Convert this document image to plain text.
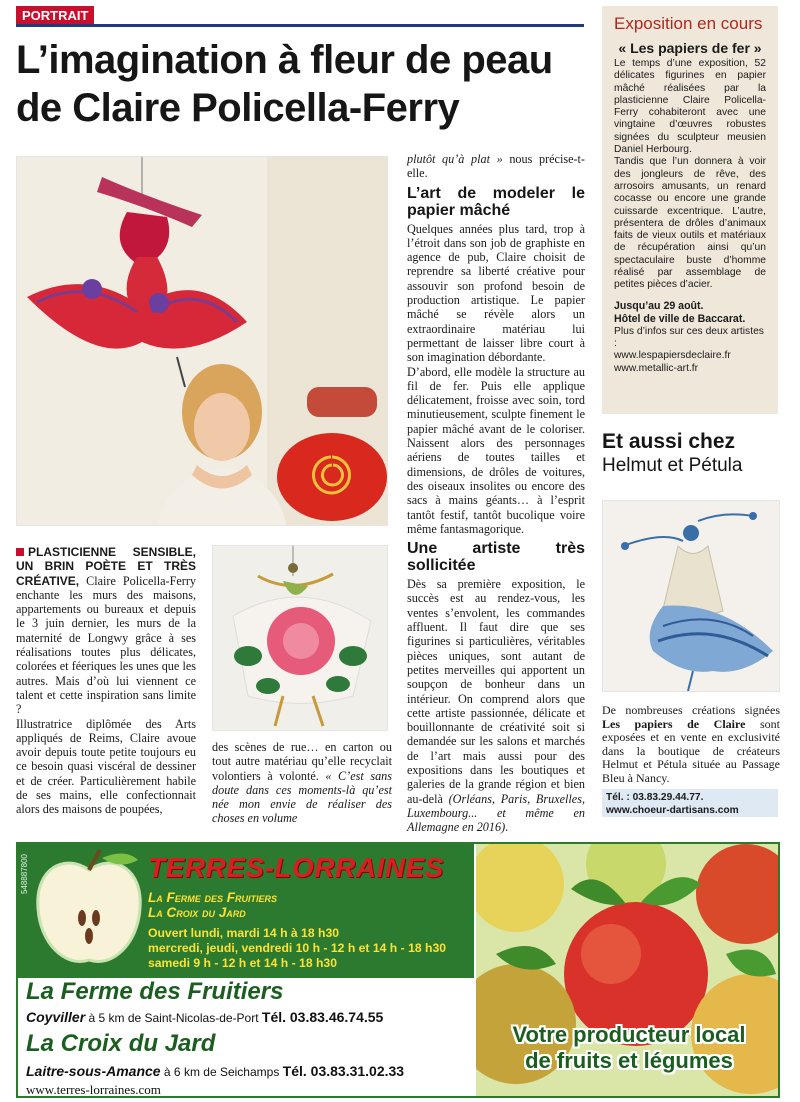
PORTRAIT
L’imagination à fleur de peau de Claire Policella-Ferry
Exposition en cours
« Les papiers de fer »

Le temps d’une exposition, 52 délicates figurines en papier mâché réalisées par la plasticienne Claire Policella-Ferry cohabiteront avec une vingtaine d’œuvres robustes signées du sculpteur meusien Daniel Herbourg.

Tandis que l’un donnera à voir des jongleurs de rêve, des arrosoirs amusants, un renard cocasse ou encore une grande cuissarde excentrique. L’autre, présentera de drôles d’animaux faits de vieux outils et matériaux de récupération ainsi qu’un spectaculaire buste d’homme réalisé par assemblage de petites pièces d’acier.

Jusqu’au 29 août.
Hôtel de ville de Baccarat.
Plus d’infos sur ces deux artistes :
www.lespapiersdeclaire.fr
www.metallic-art.fr

plutôt qu’à plat » nous précise-t-elle.

L’art de modeler le papier mâché

Quelques années plus tard, trop à l’étroit dans son job de graphiste en agence de pub, Claire choisit de reprendre sa liberté créative pour assouvir son profond besoin de production artistique. Le papier mâché se révèle alors un extraordinaire matériau lui permettant de laisser libre court à son imagination débordante.

D’abord, elle modèle la structure au fil de fer. Puis elle applique délicatement, froisse avec soin, tord minutieusement, sculpte finement le papier mâché avant de le coloriser. Naissent alors des personnages aériens de toutes tailles et dimensions, de drôles de voitures, des oiseaux insolites ou encore des sacs à mains géants… à l’esprit tantôt festif, tantôt bucolique voire même fantasmagorique.

Une artiste très sollicitée

Dès sa première exposition, le succès est au rendez-vous, les ventes s’envolent, les commandes affluent. Il faut dire que ses figurines si particulières, véritables pièces uniques, sont autant de petites merveilles qui apportent un soupçon de bonheur dans un intérieur. On comprend alors que cette artiste passionnée, délicate et bouillonnante de créativité soit si demandée sur les salons et marchés de l’art mais aussi pour des expositions dans les boutiques et galeries de la grande région et bien au-delà (Orléans, Paris, Bruxelles, Luxembourg... et même en Allemagne en 2016).

PLASTICIENNE SENSIBLE, UN BRIN POÈTE ET TRÈS CRÉATIVE, Claire Policella-Ferry enchante les murs des maisons, appartements ou bureaux et depuis le 3 juin dernier, les murs de la maternité de Longwy grâce à ses réalisations toutes plus délicates, colorées et féeriques les unes que les autres. Mais d’où lui viennent ce talent et cette inspiration sans limite ?

Illustratrice diplômée des Arts appliqués de Reims, Claire avoue avoir depuis toute petite toujours eu ce besoin quasi viscéral de dessiner et de créer. Particulièrement habile de ses mains, elle confectionnait alors des maisons de poupées,

des scènes de rue… en carton ou tout autre matériau qu’elle recyclait volontiers à volonté. « C’est sans doute dans ces moments-là qu’est née mon envie de réaliser des choses en volume

Et aussi chez
Helmut et Pétula
De nombreuses créations signées Les papiers de Claire sont exposées et en vente en exclusivité dans la boutique de créateurs Helmut et Pétula située au Passage Bleu à Nancy.
Tél. : 03.83.29.44.77.
www.choeur-dartisans.com
548887800	TERRES-LORRAINES
La Ferme des Fruitiers
La Croix du Jard
Ouvert lundi, mardi 14 h à 18 h30
mercredi, jeudi, vendredi 10 h - 12 h et 14 h - 18 h30
samedi 9 h - 12 h et 14 h - 18 h30
La Ferme des Fruitiers
Coyviller à 5 km de Saint-Nicolas-de-Port Tél. 03.83.46.74.55
La Croix du Jard
Laitre-sous-Amance à 6 km de Seichamps Tél. 03.83.31.02.33
www.terres-lorraines.com
Votre producteur local
de fruits et légumes
